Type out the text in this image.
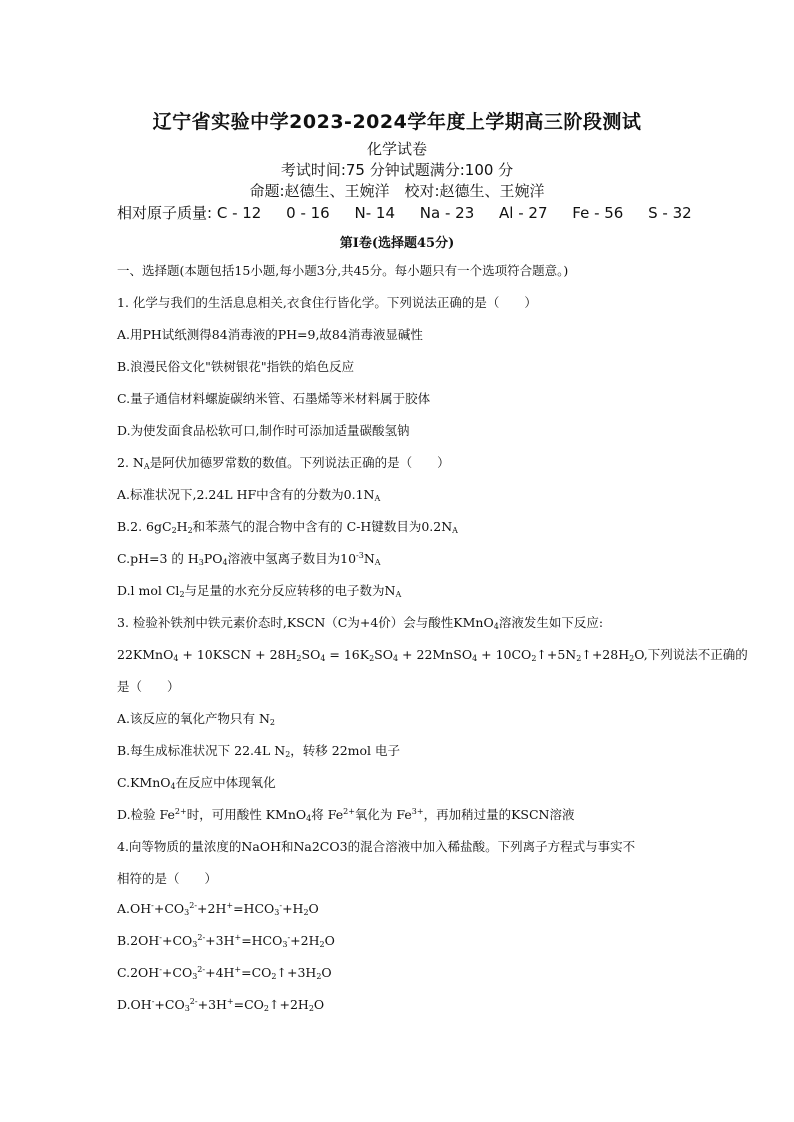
辽宁省实验中学2023-2024学年度上学期高三阶段测试
化学试卷
考试时间:75 分钟试题满分:100 分
命题:赵德生、王婉洋　校对:赵德生、王婉洋
相对原子质量: C - 12 0 - 16 N- 14 Na - 23 Al - 27 Fe - 56 S - 32
第Ⅰ卷(选择题45分)
一、选择题(本题包括15小题,每小题3分,共45分。每小题只有一个选项符合题意。)
1. 化学与我们的生活息息相关,衣食住行皆化学。下列说法正确的是（　　）
A.用PH试纸测得84消毒液的PH=9,故84消毒液显碱性
B.浪漫民俗文化"铁树银花"指铁的焰色反应
C.量子通信材料螺旋碳纳米管、石墨烯等米材料属于胶体
D.为使发面食品松软可口,制作时可添加适量碳酸氢钠
2. $N_A$是阿伏加德罗常数的数值。下列说法正确的是（　　）
A.标准状况下,2.24L HF中含有的分数为$0.1N_A$
B.2. $6gC_2H_2$和苯蒸气的混合物中含有的 C-H键数目为$0.2N_A$
C.pH=3 的 $H_3PO_4$溶液中氢离子数目为$10^{-3}N_A$
D.l mol $Cl_2$与足量的水充分反应转移的电子数为$N_A$
3. 检验补铁剂中铁元素价态时,KSCN（C为+4价）会与酸性KMnO$_4$溶液发生如下反应:
22KMnO$_4$ + 10KSCN + $28H_2SO_4 = 16K_2SO_4$ + 22MnSO$_4$ + $10CO_2↑+5N_2↑+28H_2O$,下列说法不正确的
是（　　）
A.该反应的氧化产物只有 $N_2$
B.每生成标准状况下 22.4L $N_2$，转移 22mol 电子
C.KMnO$_4$在反应中体现氧化
D.检验 $Fe^{2+}$时，可用酸性 KMnO$_4$将 $Fe^{2+}$氧化为 $Fe^{3+}$，再加稍过量的KSCN溶液
4.向等物质的量浓度的NaOH和Na2CO3的混合溶液中加入稀盐酸。下列离子方程式与事实不
相符的是（　　）
$A.OH^-+CO_3^{2-}+2H^+=HCO_3^-+H_2O$
$B.2OH^-+CO_3^{2-}+3H^+=HCO_3^-+2H_2O$
$C.2OH^-+CO_3^{2-}+4H^+=CO_2↑+3H_2O$
$D.OH^-+CO_3^{2-}+3H^+=CO_2↑+2H_2O$
